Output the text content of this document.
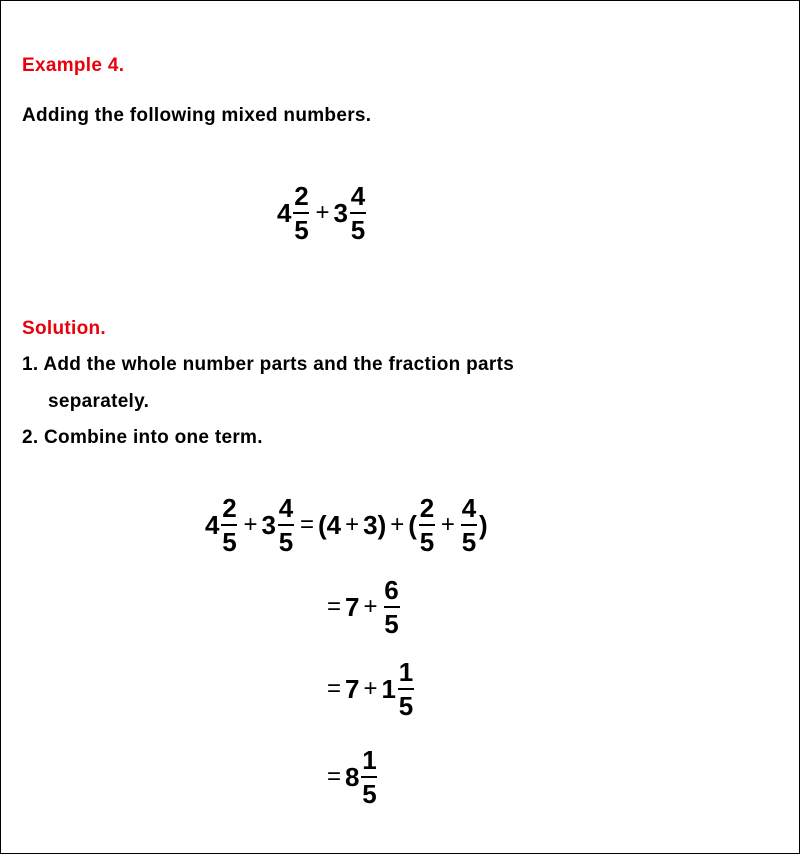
Example 4.
Adding the following mixed numbers.
$4 \frac{2}{5} + 3 \frac{4}{5}$
Solution.
1. Add the whole number parts and the fraction parts
separately.
2. Combine into one term.
$4 \frac{2}{5} + 3 \frac{4}{5} = (4 + 3)$ + ( $\frac{2}{5} + \frac{4}{5}$ )
= $7 + \frac{6}{5}$
= $7 + 1 \frac{1}{5}$
= $8 \frac{1}{5}$
